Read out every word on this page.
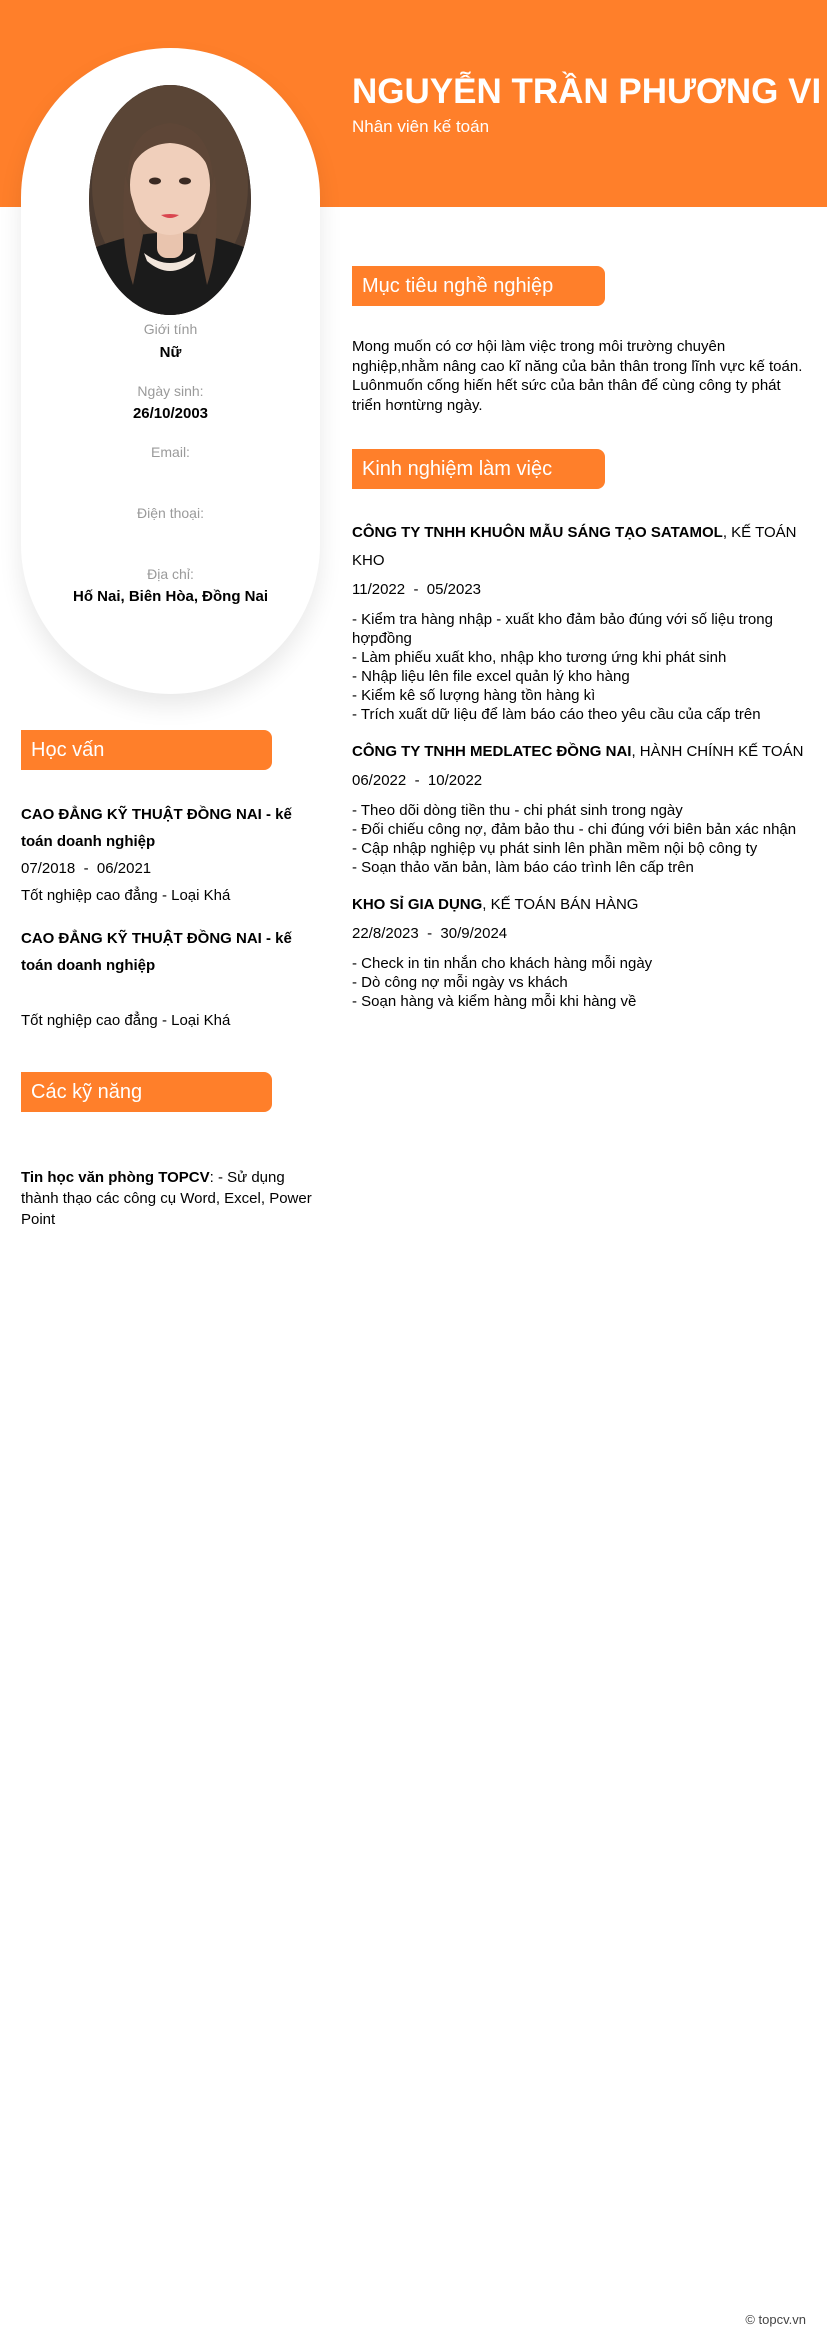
NGUYỄN TRẦN PHƯƠNG VI
Nhân viên kế toán
Giới tính
Nữ
Ngày sinh:
26/10/2003
Email:
Điện thoại:
Địa chỉ:
Hố Nai, Biên Hòa, Đồng Nai
Mục tiêu nghề nghiệp
Mong muốn có cơ hội làm việc trong môi trường chuyên nghiệp,nhằm nâng cao kĩ năng của bản thân trong lĩnh vực kế toán. Luônmuốn cống hiến hết sức của bản thân để cùng công ty phát triển hơntừng ngày.
Kinh nghiệm làm việc
CÔNG TY TNHH KHUÔN MẪU SÁNG TẠO SATAMOL, KẾ TOÁN KHO
11/2022  -  05/2023
- Kiểm tra hàng nhập - xuất kho đảm bảo đúng với số liệu trong hợpđồng
- Làm phiếu xuất kho, nhập kho tương ứng khi phát sinh
- Nhập liệu lên file excel quản lý kho hàng
- Kiểm kê số lượng hàng tồn hàng kì
- Trích xuất dữ liệu để làm báo cáo theo yêu cầu của cấp trên
CÔNG TY TNHH MEDLATEC ĐỒNG NAI, HÀNH CHÍNH KẾ TOÁN
06/2022  -  10/2022
- Theo dõi dòng tiền thu - chi phát sinh trong ngày
- Đối chiếu công nợ, đảm bảo thu - chi đúng với biên bản xác nhận
- Cập nhập nghiệp vụ phát sinh lên phần mềm nội bộ công ty
- Soạn thảo văn bản, làm báo cáo trình lên cấp trên
KHO SỈ GIA DỤNG, KẾ TOÁN BÁN HÀNG
22/8/2023  -  30/9/2024
- Check in tin nhắn cho khách hàng mỗi ngày
- Dò công nợ mỗi ngày vs khách
- Soạn hàng và kiểm hàng mỗi khi hàng về
Học vấn
CAO ĐẲNG KỸ THUẬT ĐỒNG NAI - kế toán doanh nghiệp
07/2018  -  06/2021
Tốt nghiệp cao đẳng - Loại Khá
CAO ĐẲNG KỸ THUẬT ĐỒNG NAI - kế toán doanh nghiệp
Tốt nghiệp cao đẳng - Loại Khá
Các kỹ năng
Tin học văn phòng TOPCV: - Sử dụng thành thạo các công cụ Word, Excel, Power Point
© topcv.vn
